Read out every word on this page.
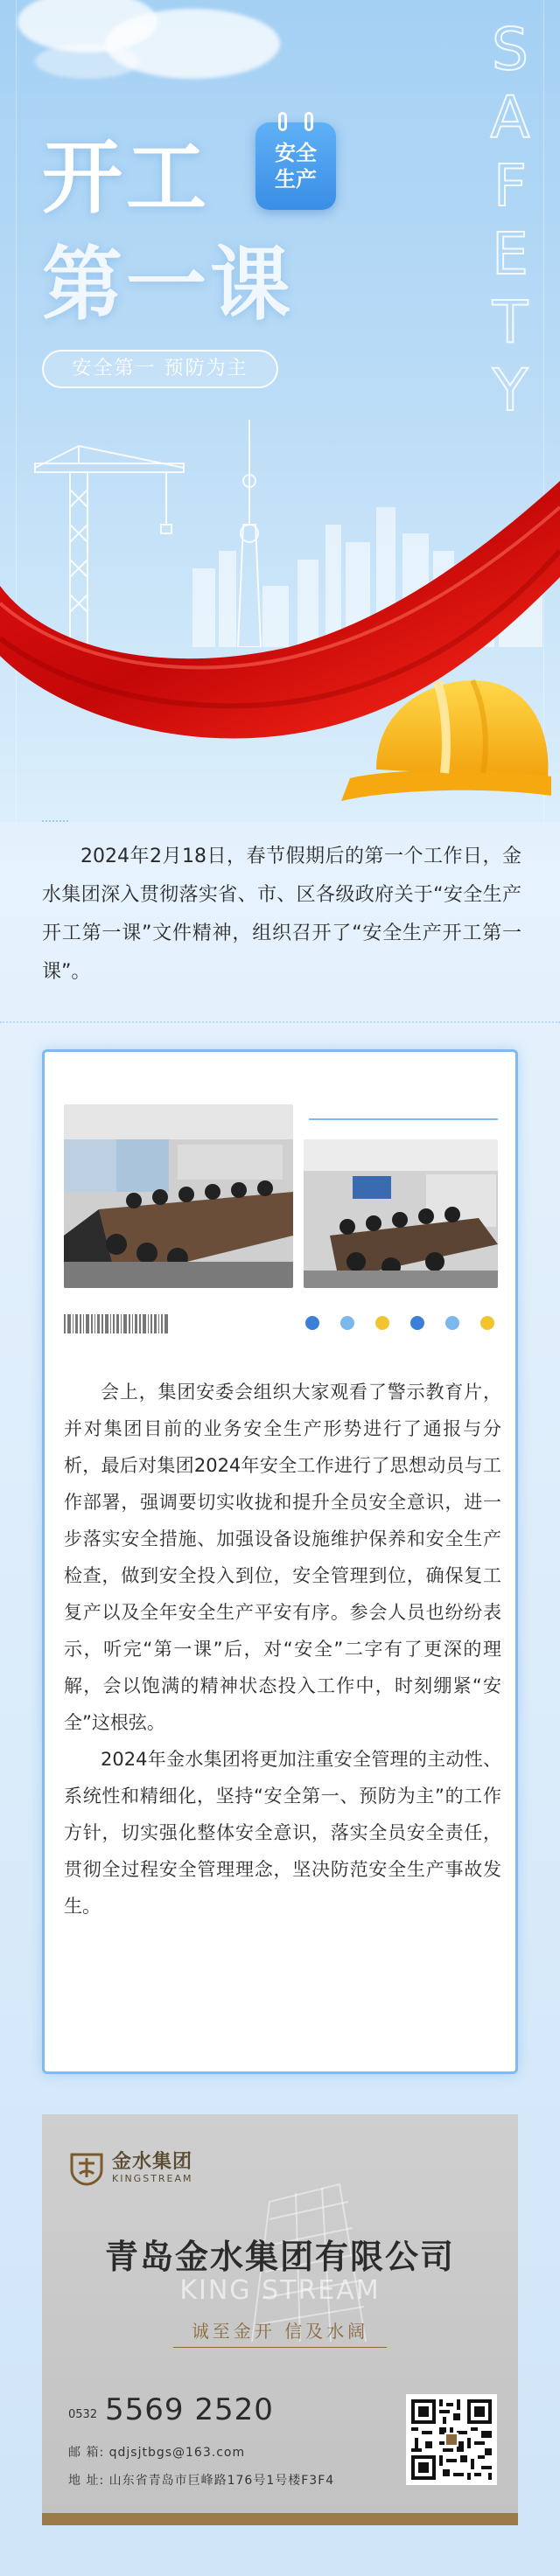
开工
第一课
安全
生产
S
A
F
E
T
Y
安全第一 预防为主

2024年2月18日，春节假期后的第一个工作日，金水集团深入贯彻落实省、市、区各级政府关于“安全生产开工第一课”文件精神，组织召开了“安全生产开工第一课”。

会上，集团安委会组织大家观看了警示教育片，并对集团目前的业务安全生产形势进行了通报与分析，最后对集团2024年安全工作进行了思想动员与工作部署，强调要切实收拢和提升全员安全意识，进一步落实安全措施、加强设备设施维护保养和安全生产检查，做到安全投入到位，安全管理到位，确保复工复产以及全年安全生产平安有序。参会人员也纷纷表示，听完“第一课”后，对“安全”二字有了更深的理解，会以饱满的精神状态投入工作中，时刻绷紧“安全”这根弦。

2024年金水集团将更加注重安全管理的主动性、系统性和精细化，坚持“安全第一、预防为主”的工作方针，切实强化整体安全意识，落实全员安全责任，贯彻全过程安全管理理念，坚决防范安全生产事故发生。

金水集团
KINGSTREAM
青岛金水集团有限公司
KING STREAM
诚至金开 信及水阔
0532 5569 2520
邮 箱: qdjsjtbgs@163.com
地 址: 山东省青岛市巨峰路176号1号楼F3F4
